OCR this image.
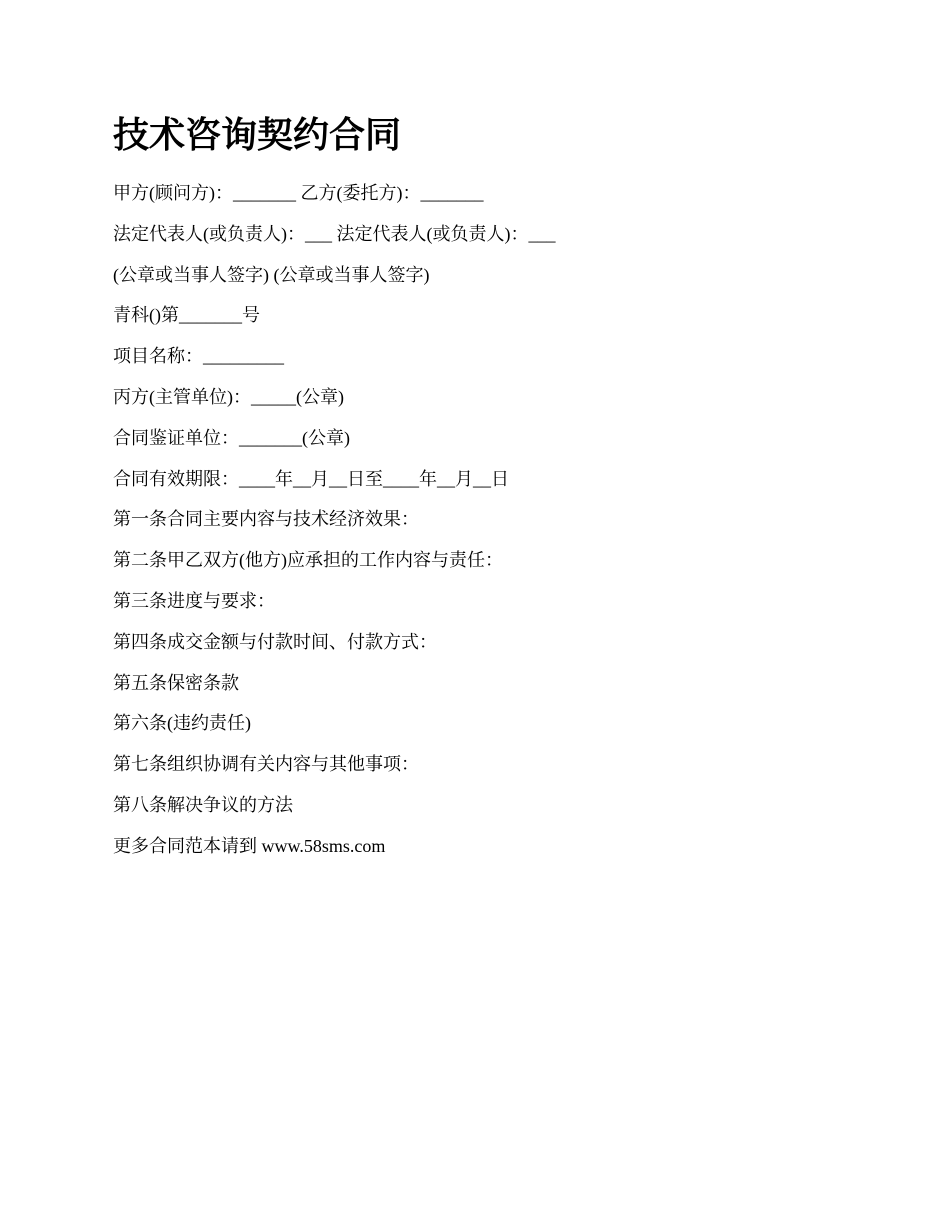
技术咨询契约合同

甲方(顾问方)：_______ 乙方(委托方)：_______

法定代表人(或负责人)：___ 法定代表人(或负责人)：___

(公章或当事人签字) (公章或当事人签字)

青科()第_______号

项目名称：_________

丙方(主管单位)：_____(公章)

合同鉴证单位：_______(公章)

合同有效期限：____年__月__日至____年__月__日

第一条合同主要内容与技术经济效果：

第二条甲乙双方(他方)应承担的工作内容与责任：

第三条进度与要求：

第四条成交金额与付款时间、付款方式：

第五条保密条款

第六条(违约责任)

第七条组织协调有关内容与其他事项：

第八条解决争议的方法

更多合同范本请到 www.58sms.com
